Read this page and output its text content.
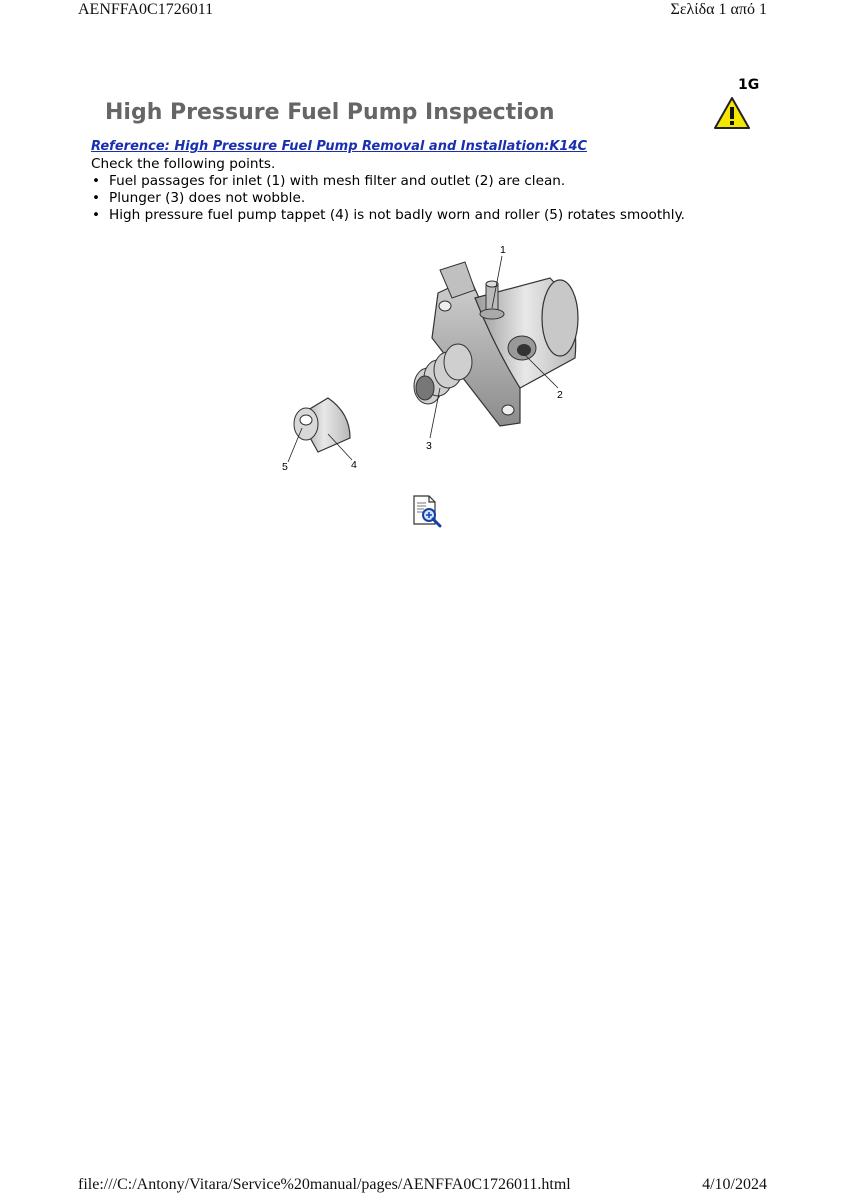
AENFFA0C1726011	Σελίδα 1 από 1
1G
High Pressure Fuel Pump Inspection
Reference: High Pressure Fuel Pump Removal and Installation:K14C
Check the following points.
• Fuel passages for inlet (1) with mesh filter and outlet (2) are clean.
• Plunger (3) does not wobble.
• High pressure fuel pump tappet (4) is not badly worn and roller (5) rotates smoothly.
1
2
3
4
5
file:///C:/Antony/Vitara/Service%20manual/pages/AENFFA0C1726011.html	4/10/2024
